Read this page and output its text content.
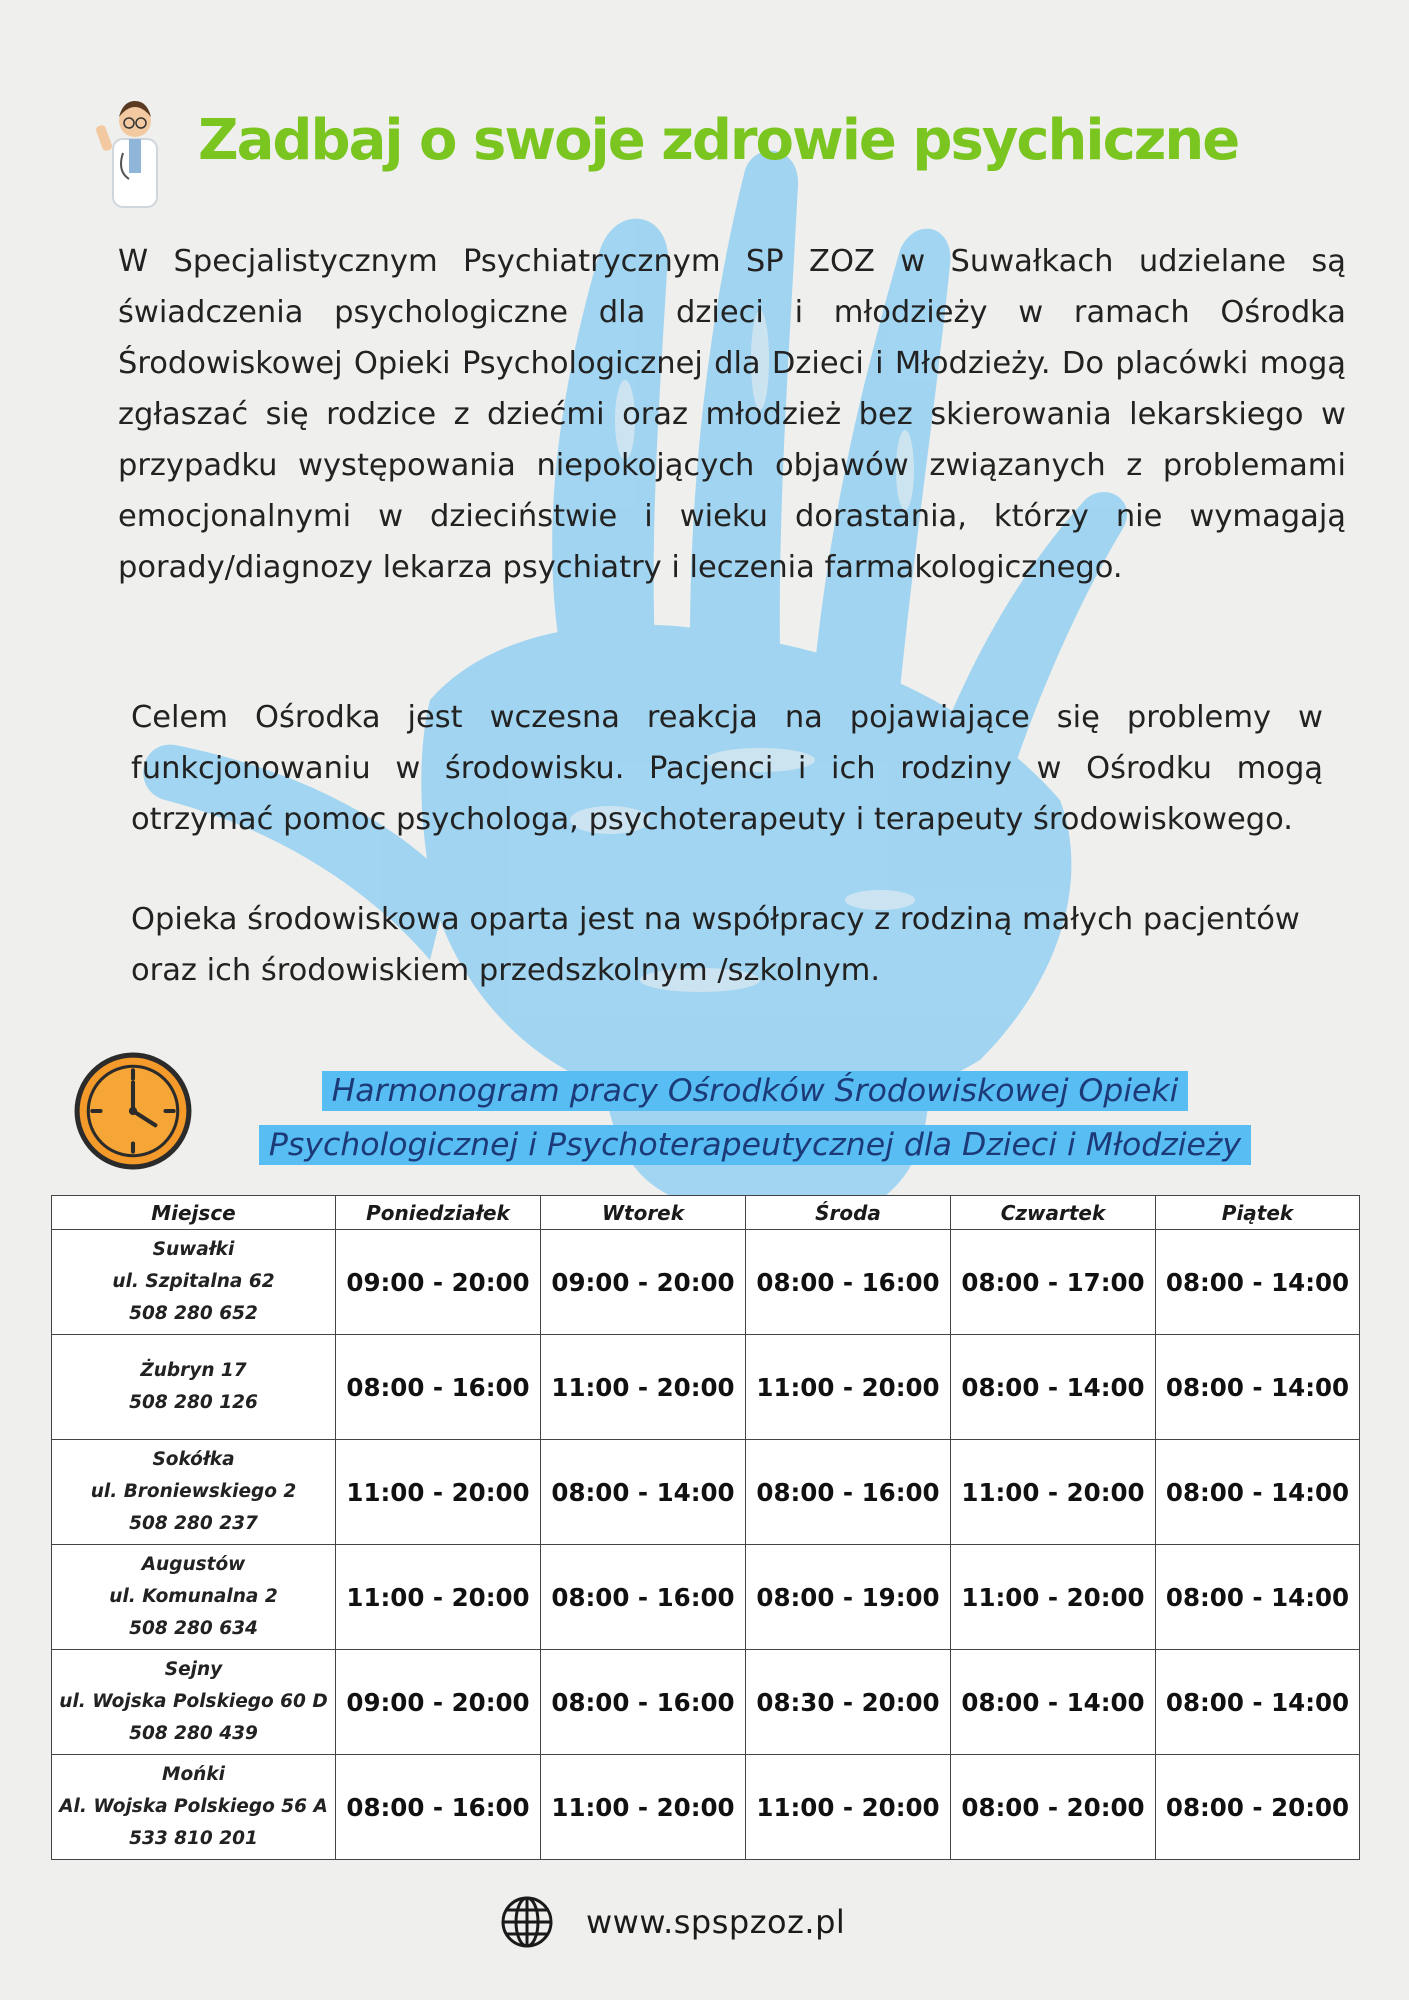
Zadbaj o swoje zdrowie psychiczne

W Specjalistycznym Psychiatrycznym SP ZOZ w Suwałkach udzielane są świadczenia psychologiczne dla dzieci i młodzieży w ramach Ośrodka Środowiskowej Opieki Psychologicznej dla Dzieci i Młodzieży. Do placówki mogą zgłaszać się rodzice z dziećmi oraz młodzież bez skierowania lekarskiego w przypadku występowania niepokojących objawów związanych z problemami emocjonalnymi w dzieciństwie i wieku dorastania, którzy nie wymagają porady/diagnozy lekarza psychiatry i leczenia farmakologicznego.

Celem Ośrodka jest wczesna reakcja na pojawiające się problemy w funkcjonowaniu w środowisku. Pacjenci i ich rodziny w Ośrodku mogą otrzymać pomoc psychologa, psychoterapeuty i terapeuty środowiskowego.

Opieka środowiskowa oparta jest na współpracy z rodziną małych pacjentów oraz ich środowiskiem przedszkolnym /szkolnym.

Harmonogram pracy Ośrodków Środowiskowej Opieki Psychologicznej i Psychoterapeutycznej dla Dzieci i Młodzieży
Miejsce	Poniedziałek	Wtorek	Środa	Czwartek	Piątek

Suwałki
ul. Szpitalna 62
508 280 652	09:00 - 20:00	09:00 - 20:00	08:00 - 16:00	08:00 - 17:00	08:00 - 14:00

Żubryn 17
508 280 126	08:00 - 16:00	11:00 - 20:00	11:00 - 20:00	08:00 - 14:00	08:00 - 14:00

Sokółka
ul. Broniewskiego 2
508 280 237	11:00 - 20:00	08:00 - 14:00	08:00 - 16:00	11:00 - 20:00	08:00 - 14:00

Augustów
ul. Komunalna 2
508 280 634	11:00 - 20:00	08:00 - 16:00	08:00 - 19:00	11:00 - 20:00	08:00 - 14:00

Sejny
ul. Wojska Polskiego 60 D
508 280 439	09:00 - 20:00	08:00 - 16:00	08:30 - 20:00	08:00 - 14:00	08:00 - 14:00

Mońki
Al. Wojska Polskiego 56 A
533 810 201	08:00 - 16:00	11:00 - 20:00	11:00 - 20:00	08:00 - 20:00	08:00 - 20:00
www.spspzoz.pl
